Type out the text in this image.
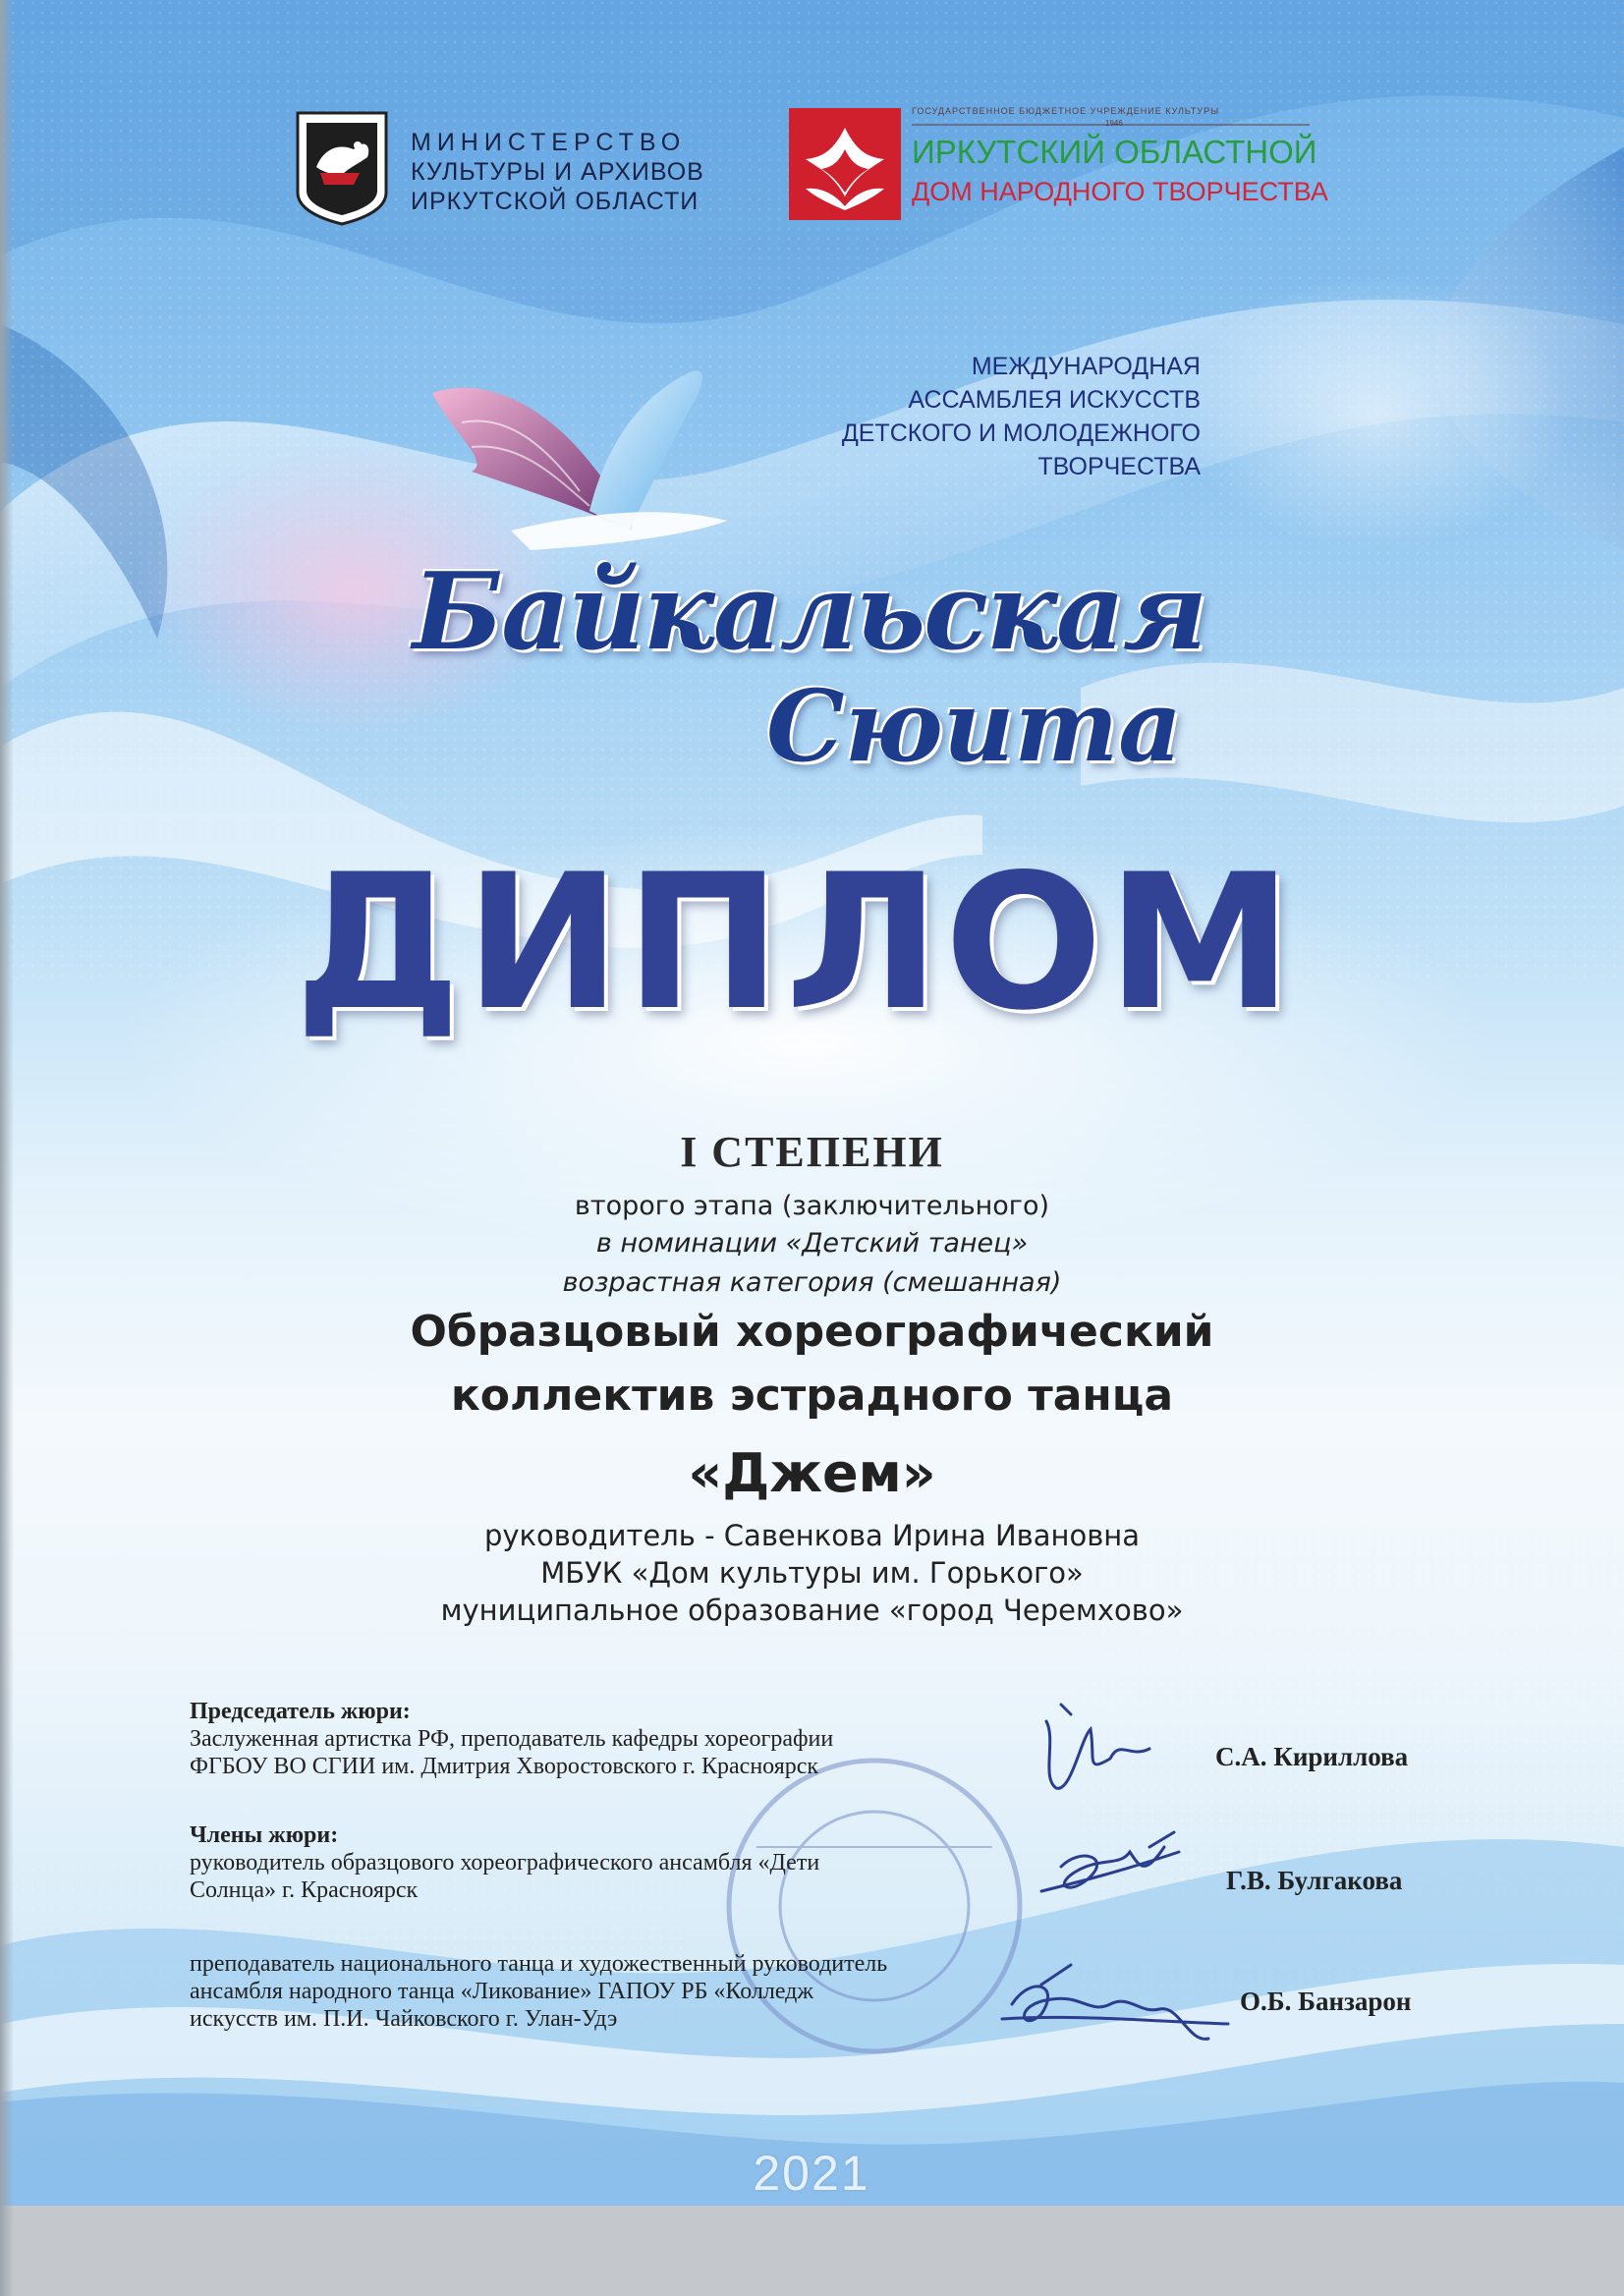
МИНИСТЕРСТВО
КУЛЬТУРЫ И АРХИВОВ
ИРКУТСКОЙ ОБЛАСТИ
ГОСУДАРСТВЕННОЕ БЮДЖЕТНОЕ УЧРЕЖДЕНИЕ КУЛЬТУРЫ
1946
ИРКУТСКИЙ ОБЛАСТНОЙ
ДОМ НАРОДНОГО ТВОРЧЕСТВА
МЕЖДУНАРОДНАЯ
АССАМБЛЕЯ ИСКУССТВ
ДЕТСКОГО И МОЛОДЕЖНОГО
ТВОРЧЕСТВА
Байкальская
Сюита
ДИПЛОМ
I СТЕПЕНИ
второго этапа (заключительного)
в номинации «Детский танец»
возрастная категория (смешанная)
Образцовый хореографический
коллектив эстрадного танца
«Джем»
руководитель - Савенкова Ирина Ивановна
МБУК «Дом культуры им. Горького»
муниципальное образование «город Черемхово»
Председатель жюри:
Заслуженная артистка РФ, преподаватель кафедры хореографии
ФГБОУ ВО СГИИ им. Дмитрия Хворостовского г. Красноярск	С.А. Кириллова
Члены жюри:
руководитель образцового хореографического ансамбля «Дети
Солнца» г. Красноярск	Г.В. Булгакова
преподаватель национального танца и художественный руководитель
ансамбля народного танца «Ликование» ГАПОУ РБ «Колледж
искусств им. П.И. Чайковского г. Улан-Удэ
О.Б. Банзарон
2021
